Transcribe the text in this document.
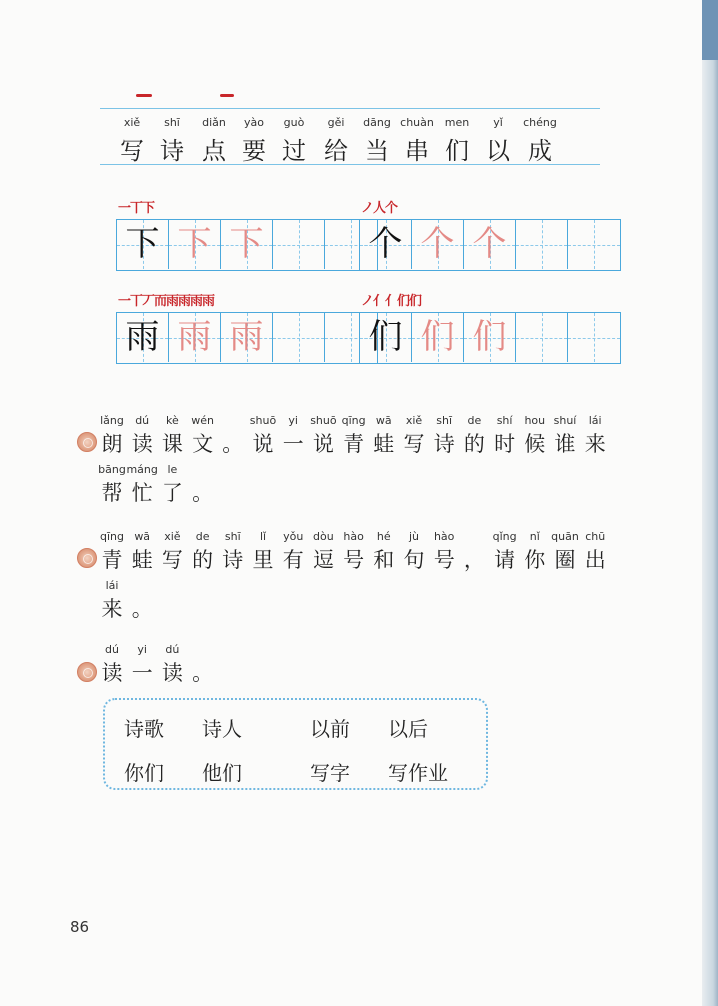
xiě
写
shī
诗
diǎn
点
yào
要
guò
过
gěi
给
dāng
当
chuàn
串
men
们
yǐ
以
chéng
成
一丅下
下 下 下
ノ人个
个 个 个
一丅丆而雨雨雨雨
雨 雨 雨
ノ亻亻们们
们 们 们
lǎng
朗
dú
读
kè
课
wén
文 。
shuō
说
yi
一
shuō
说
qīng
青
wā
蛙
xiě
写
shī
诗
de
的
shí
时
hou
候
shuí
谁
lái
来
bāng
帮
máng
忙
le
了 。
qīng
青
wā
蛙
xiě
写
de
的
shī
诗
lǐ
里
yǒu
有
dòu
逗
hào
号
hé
和
jù
句
hào
号 ，
qǐng
请
nǐ
你
quān
圈
chū
出
lái
来 。
dú
读
yi
一
dú
读 。
诗歌 诗人	以前 以后
你们 他们	写字 写作业
86
